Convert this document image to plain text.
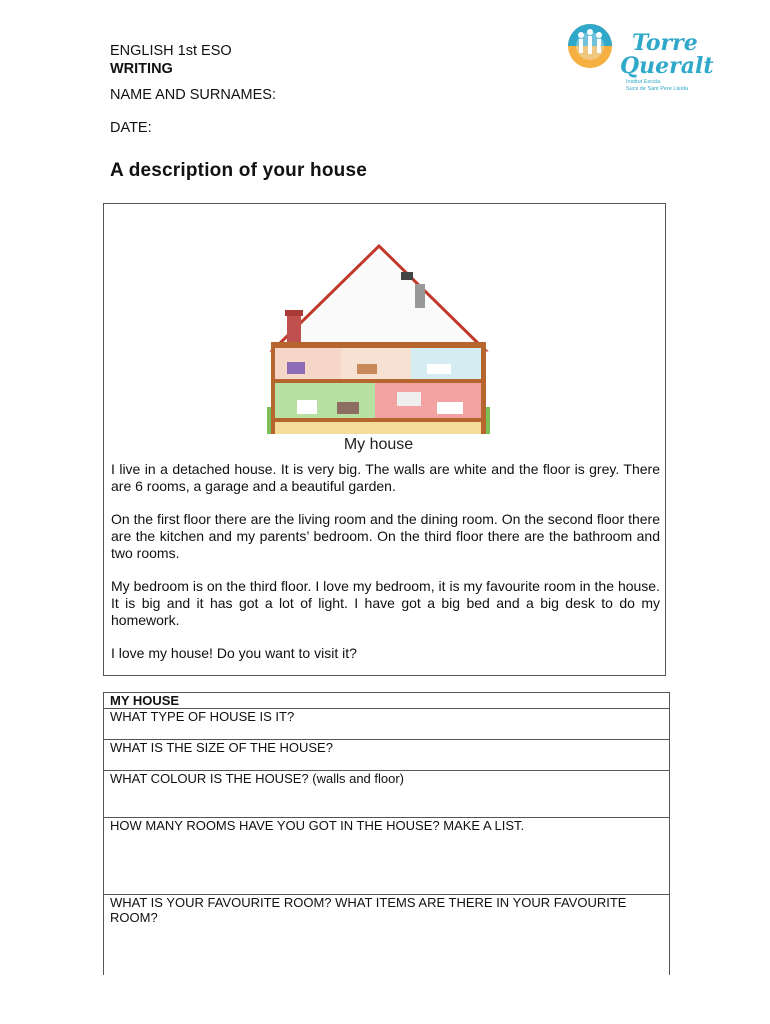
ENGLISH 1st ESO
WRITING
NAME AND SURNAMES:
DATE:
Torre
Queralt
Institut Escola
Sucs de Sant Pere Lleida
A description of your house
My house
I live in a detached house. It is very big. The walls are white and the floor is grey. There are 6 rooms, a garage and a beautiful garden.
On the first floor there are the living room and the dining room. On the second floor there are the kitchen and my parents’ bedroom. On the third floor there are the bathroom and two rooms.
My bedroom is on the third floor. I love my bedroom, it is my favourite room in the house. It is big and it has got a lot of light. I have got a big bed and a big desk to do my homework.
I love my house! Do you want to visit it?
MY HOUSE
WHAT TYPE OF HOUSE IS IT?
WHAT IS THE SIZE OF THE HOUSE?
WHAT COLOUR IS THE HOUSE? (walls and floor)
HOW MANY ROOMS HAVE YOU GOT IN THE HOUSE? MAKE A LIST.
WHAT IS YOUR FAVOURITE ROOM? WHAT ITEMS ARE THERE IN YOUR FAVOURITE ROOM?
